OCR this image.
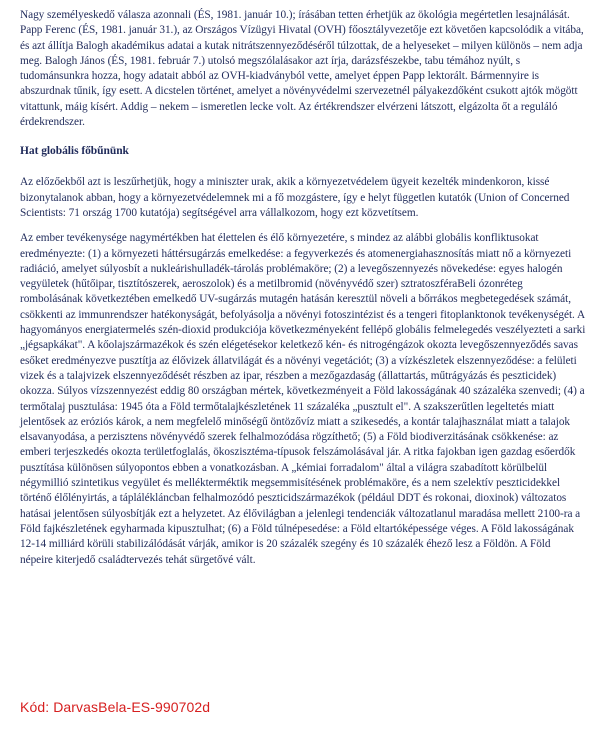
Nagy személyeskedő válasza azonnali (ÉS, 1981. január 10.); írásában tetten érhetjük az ökológia megértetlen lesajnálását. Papp Ferenc (ÉS, 1981. január 31.), az Országos Vízügyi Hivatal (OVH) főosztályvezetője ezt követően kapcsolódik a vitába, és azt állítja Balogh akadémikus adatai a kutak nitrátszennyeződéséről túlzottak, de a helyeseket – milyen különös – nem adja meg. Balogh János (ÉS, 1981. február 7.) utolsó megszólalásakor azt írja, darázsfészekbe, tabu témához nyúlt, s tudománsunkra hozza, hogy adatait abból az OVH-kiadványból vette, amelyet éppen Papp lektorált. Bármennyire is abszurdnak tűnik, így esett. A dicstelen történet, amelyet a növényvédelmi szervezetnél pályakezdőként csukott ajtók mögött vitattunk, máig kísért. Addig – nekem – ismeretlen lecke volt. Az értékrendszer elvérzeni látszott, elgázolta őt a reguláló érdekrendszer.

Hat globális főbűnünk

Az előzőekből azt is leszűrhetjük, hogy a miniszter urak, akik a környezetvédelem ügyeit kezelték mindenkoron, kissé bizonytalanok abban, hogy a környezetvédelemnek mi a fő mozgástere, így e helyt független kutatók (Union of Concerned Scientists: 71 ország 1700 kutatója) segítségével arra vállalkozom, hogy ezt közvetítsem.

Az ember tevékenysége nagymértékben hat élettelen és élő környezetére, s mindez az alábbi globális konfliktusokat eredményezte: (1) a környezeti háttérsugárzás emelkedése: a fegyverkezés és atomenergiahasznosítás miatt nő a környezeti radiáció, amelyet súlyosbít a nukleárishulladék-tárolás problémaköre; (2) a levegőszennyezés növekedése: egyes halogén vegyületek (hűtőipar, tisztítószerek, aeroszolok) és a metilbromid (növényvédő szer) sztratoszféraBeli ózonréteg rombolásának következtében emelkedő UV-sugárzás mutagén hatásán keresztül növeli a bőrrákos megbetegedések számát, csökkenti az immunrendszer hatékonyságát, befolyásolja a növényi fotoszintézist és a tengeri fitoplanktonok tevékenységét. A hagyományos energiatermelés szén-dioxid produkciója következményeként fellépő globális felmelegedés veszélyezteti a sarki „jégsapkákat". A kőolajszármazékok és szén elégetésekor keletkező kén- és nitrogéngázok okozta levegőszennyeződés savas esőket eredményezve pusztítja az élővizek állatvilágát és a növényi vegetációt; (3) a vízkészletek elszennyeződése: a felületi vizek és a talajvizek elszennyeződését részben az ipar, részben a mezőgazdaság (állattartás, műtrágyázás és peszticidek) okozza. Súlyos vízszennyezést eddig 80 országban mértek, következményeit a Föld lakosságának 40 százaléka szenvedi; (4) a termőtalaj pusztulása: 1945 óta a Föld termőtalajkészletének 11 százaléka „pusztult el". A szakszerűtlen legeltetés miatt jelentősek az eróziós károk, a nem megfelelő minőségű öntözővíz miatt a szikesedés, a kontár talajhasználat miatt a talajok elsavanyodása, a perzisztens növényvédő szerek felhalmozódása rögzíthető; (5) a Föld biodiverzitásának csökkenése: az emberi terjeszkedés okozta területfoglalás, ökoszisztéma-típusok felszámolásával jár. A ritka fajokban igen gazdag esőerdők pusztítása különösen súlyopontos ebben a vonatkozásban. A „kémiai forradalom" által a világra szabadított körülbelül négymillió szintetikus vegyület és mellékterméktik megsemmisítésének problémaköre, és a nem szelektív peszticidekkel történő élőlényirtás, a táplálékláncban felhalmozódó peszticidszármazékok (például DDT és rokonai, dioxinok) változatos hatásai jelentősen súlyosbítják ezt a helyzetet. Az élővilágban a jelenlegi tendenciák változatlanul maradása mellett 2100-ra a Föld fajkészletének egyharmada kipusztulhat; (6) a Föld túlnépesedése: a Föld eltartóképessége véges. A Föld lakosságának 12-14 milliárd körüli stabilizálódását várják, amikor is 20 százalék szegény és 10 százalék éhező lesz a Földön. A Föld népeire kiterjedő családtervezés tehát sürgetővé vált.

Kód: DarvasBela-ES-990702d
